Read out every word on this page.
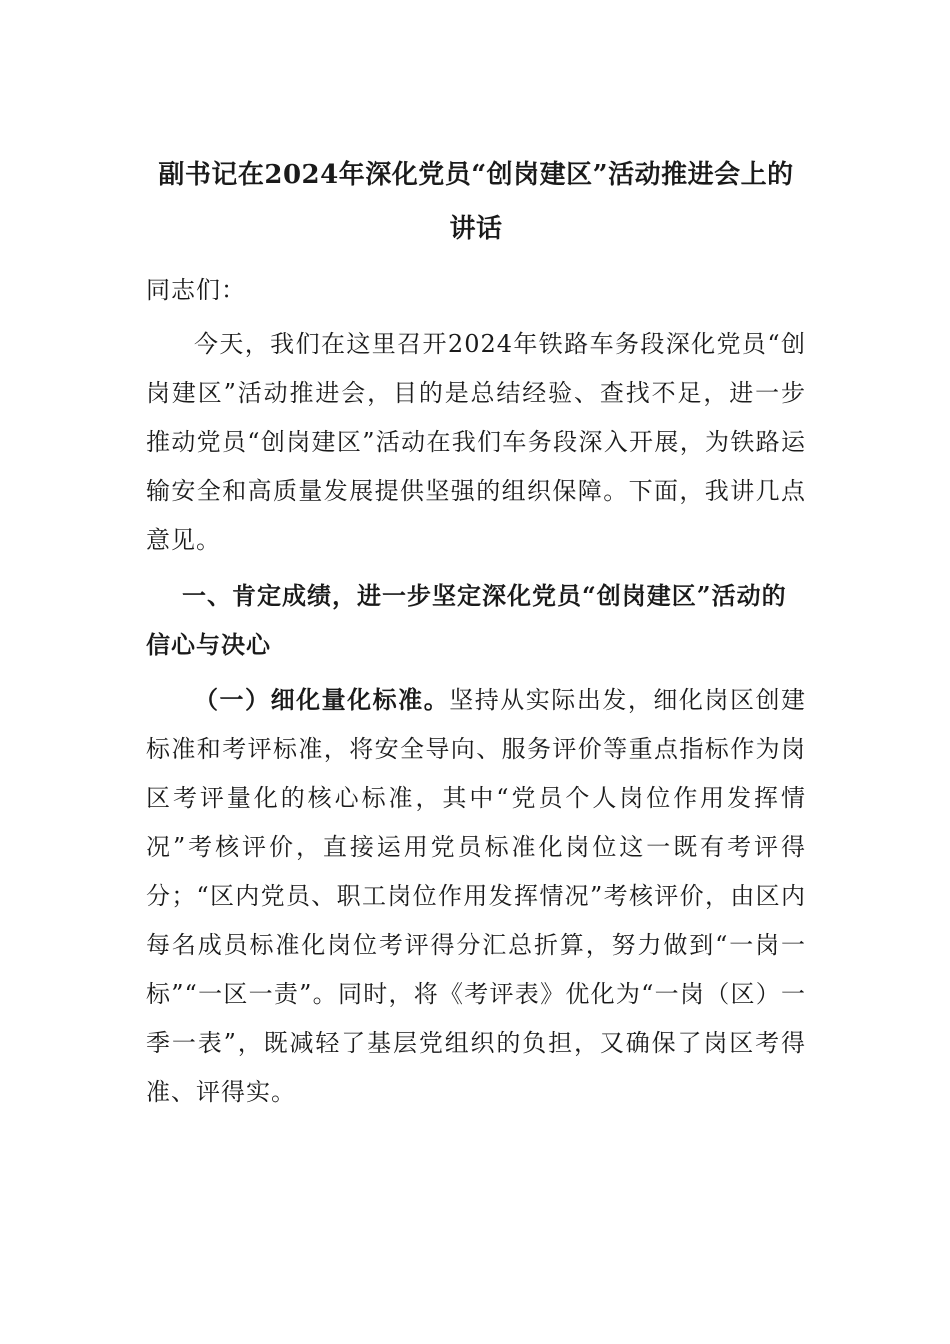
副书记在2024年深化党员“创岗建区”活动推进会上的讲话

同志们：

今天，我们在这里召开2024年铁路车务段深化党员“创岗建区”活动推进会，目的是总结经验、查找不足，进一步推动党员“创岗建区”活动在我们车务段深入开展，为铁路运输安全和高质量发展提供坚强的组织保障。下面，我讲几点意见。

一、肯定成绩，进一步坚定深化党员“创岗建区”活动的信心与决心

（一）细化量化标准。坚持从实际出发，细化岗区创建标准和考评标准，将安全导向、服务评价等重点指标作为岗区考评量化的核心标准，其中“党员个人岗位作用发挥情况”考核评价，直接运用党员标准化岗位这一既有考评得分；“区内党员、职工岗位作用发挥情况”考核评价，由区内每名成员标准化岗位考评得分汇总折算，努力做到“一岗一标”“一区一责”。同时，将《考评表》优化为“一岗（区）一季一表”，既减轻了基层党组织的负担，又确保了岗区考得准、评得实。
